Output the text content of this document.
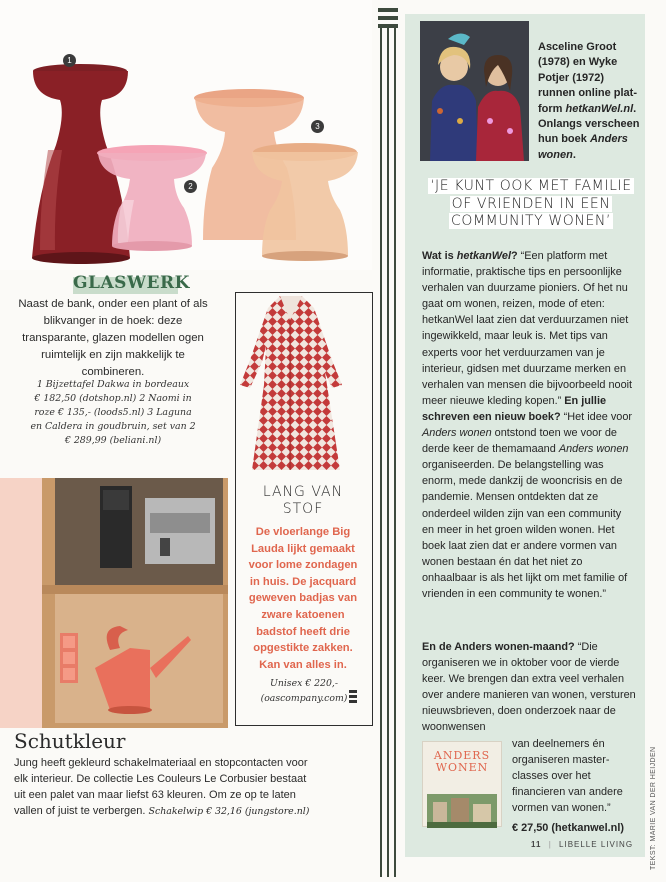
1
2
3
GLASWERK
Naast de bank, onder een plant of als blikvanger in de hoek: deze transparante, glazen modellen ogen ruimtelijk en zijn makkelijk te combineren.
1 Bijzettafel Dakwa in bordeaux
€ 182,50 (dotshop.nl) 2 Naomi in
roze € 135,- (loods5.nl) 3 Laguna
en Caldera in goudbruin, set van 2
€ 289,99 (beliani.nl)
Schutkleur
Jung heeft gekleurd schakelmateriaal en stopcontacten voor elk interieur. De collectie Les Couleurs Le Corbusier bestaat uit een palet van maar liefst 63 kleuren. Om ze op te laten vallen of juist te verbergen. Schakelwip € 32,16 (jungstore.nl)
LANG VAN
STOF
De vloerlange Big Lauda lijkt gemaakt voor lome zondagen in huis. De jacquard geweven badjas van zware katoenen badstof heeft drie opgestikte zakken. Kan van alles in.
Unisex € 220,-
(oascompany.com)
Asceline Groot (1978) en Wyke Potjer (1972) runnen online platform hetkanWel.nl. Onlangs verscheen hun boek Anders wonen.
‘JE KUNT OOK MET FAMILIE OF VRIENDEN IN EEN COMMUNITY WONEN’

Wat is hetkanWel? “Een platform met informatie, praktische tips en persoonlijke verhalen van duurzame pioniers. Of het nu gaat om wonen, reizen, mode of eten: hetkanWel laat zien dat verduurzamen niet ingewikkeld, maar leuk is. Met tips van experts voor het verduurzamen van je interieur, gidsen met duurzame merken en verhalen van mensen die bijvoorbeeld nooit meer nieuwe kleding kopen.” En jullie schreven een nieuw boek? “Het idee voor Anders wonen ontstond toen we voor de derde keer de themamaand Anders wonen organiseerden. De belangstelling was enorm, mede dankzij de wooncrisis en de pandemie. Mensen ontdekten dat ze onderdeel wilden zijn van een community en meer in het groen wilden wonen. Het boek laat zien dat er andere vormen van wonen bestaan én dat het niet zo onhaalbaar is als het lijkt om met familie of vrienden in een community te wonen.”

En de Anders wonen-maand? “Die organiseren we in oktober voor de vierde keer. We brengen dan extra veel verhalen over andere manieren van wonen, versturen nieuwsbrieven, doen onderzoek naar de woonwensen
ANDERS
WONEN
van deelnemers én organiseren masterclasses over het financieren van andere vormen van wonen.”
€ 27,50 (hetkanwel.nl)
11 | LIBELLE LIVING TEKST: MARIE VAN DER HEIJDEN
